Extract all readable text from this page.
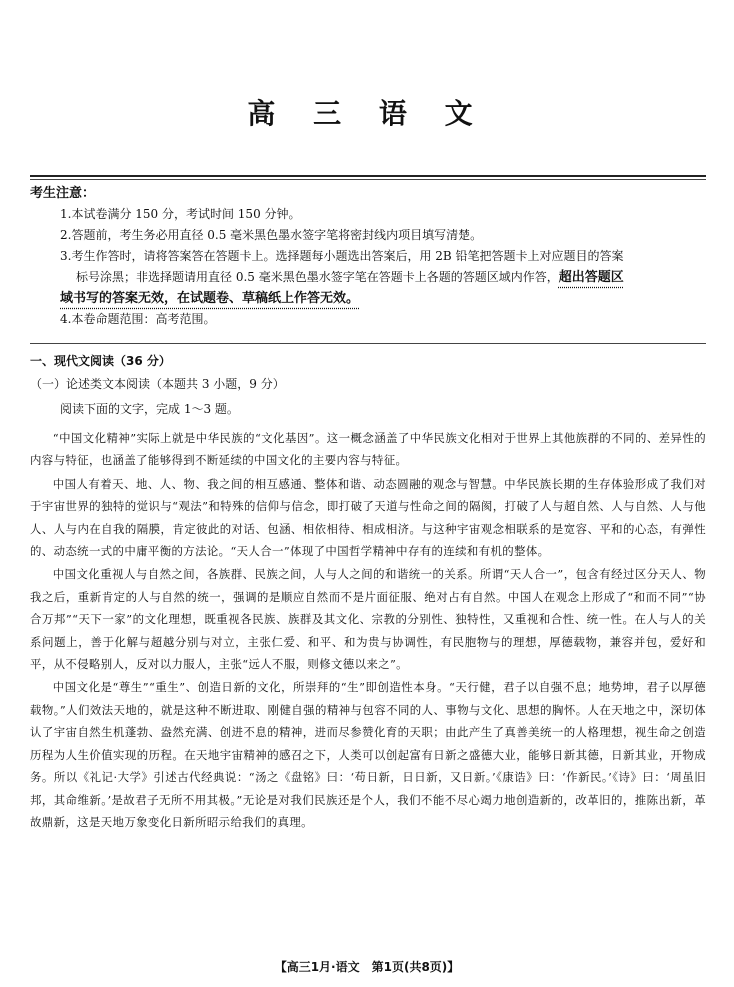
高 三 语 文
考生注意：

1.本试卷满分 150 分，考试时间 150 分钟。

2.答题前，考生务必用直径 0.5 毫米黑色墨水签字笔将密封线内项目填写清楚。

3.考生作答时，请将答案答在答题卡上。选择题每小题选出答案后，用 2B 铅笔把答题卡上对应题目的答案

标号涂黑；非选择题请用直径 0.5 毫米黑色墨水签字笔在答题卡上各题的答题区域内作答，超出答题区

域书写的答案无效，在试题卷、草稿纸上作答无效。

4.本卷命题范围：高考范围。

一、现代文阅读（36 分）
（一）论述类文本阅读（本题共 3 小题，9 分）
阅读下面的文字，完成 1～3 题。

“中国文化精神”实际上就是中华民族的“文化基因”。这一概念涵盖了中华民族文化相对于世界上其他族群的不同的、差异性的内容与特征，也涵盖了能够得到不断延续的中国文化的主要内容与特征。

中国人有着天、地、人、物、我之间的相互感通、整体和谐、动态圆融的观念与智慧。中华民族长期的生存体验形成了我们对于宇宙世界的独特的觉识与“观法”和特殊的信仰与信念，即打破了天道与性命之间的隔阂，打破了人与超自然、人与自然、人与他人、人与内在自我的隔膜，肯定彼此的对话、包涵、相依相待、相成相济。与这种宇宙观念相联系的是宽容、平和的心态，有弹性的、动态统一式的中庸平衡的方法论。“天人合一”体现了中国哲学精神中存有的连续和有机的整体。

中国文化重视人与自然之间，各族群、民族之间，人与人之间的和谐统一的关系。所谓“天人合一”，包含有经过区分天人、物我之后，重新肯定的人与自然的统一，强调的是顺应自然而不是片面征服、绝对占有自然。中国人在观念上形成了“和而不同”“协合万邦”“天下一家”的文化理想，既重视各民族、族群及其文化、宗教的分别性、独特性，又重视和合性、统一性。在人与人的关系问题上，善于化解与超越分别与对立，主张仁爱、和平、和为贵与协调性，有民胞物与的理想，厚德载物，兼容并包，爱好和平，从不侵略别人，反对以力服人，主张“远人不服，则修文德以来之”。

中国文化是“尊生”“重生”、创造日新的文化，所崇拜的“生”即创造性本身。“天行健，君子以自强不息；地势坤，君子以厚德载物。”人们效法天地的，就是这种不断进取、刚健自强的精神与包容不同的人、事物与文化、思想的胸怀。人在天地之中，深切体认了宇宙自然生机蓬勃、盎然充满、创进不息的精神，进而尽参赞化育的天职；由此产生了真善美统一的人格理想，视生命之创造历程为人生价值实现的历程。在天地宇宙精神的感召之下，人类可以创起富有日新之盛德大业，能够日新其德，日新其业，开物成务。所以《礼记·大学》引述古代经典说：“汤之《盘铭》曰：‘苟日新，日日新，又日新。’《康诰》曰：‘作新民。’《诗》曰：‘周虽旧邦，其命维新。’是故君子无所不用其极。”无论是对我们民族还是个人，我们不能不尽心竭力地创造新的，改革旧的，推陈出新，革故鼎新，这是天地万象变化日新所昭示给我们的真理。

【高三1月·语文　第1页(共8页)】
